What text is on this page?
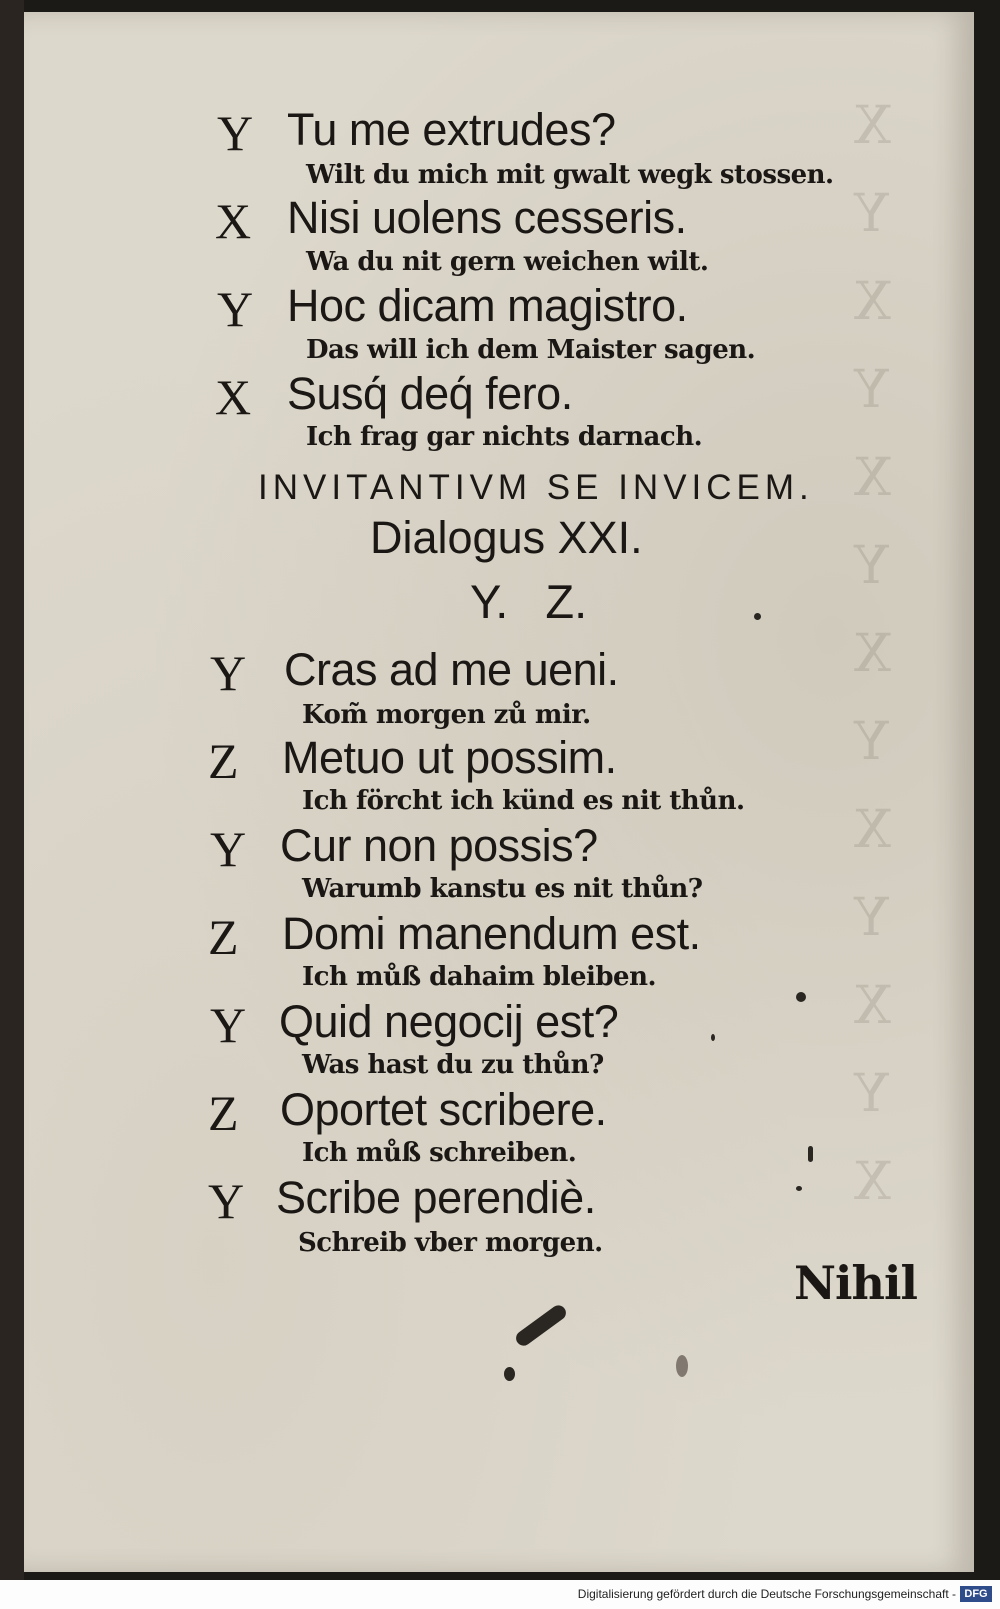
X
Y
X
Y
X
Y
X
Y
X
Y
X
Y
X
Y Tu me extrudes?
Wilt du mich mit gwalt wegk stossen.
X Nisi uolens cesseris.
Wa du nit gern weichen wilt.
Y Hoc dicam magistro.
Das will ich dem Maister sagen.
X Susq́ deq́ fero.
Ich frag gar nichts darnach.
INVITANTIVM SE INVICEM.
Dialogus XXI.
Y. Z.
Y Cras ad me ueni.
Kom̃ morgen zů mir.
Z Metuo ut possim.
Ich förcht ich künd es nit thůn.
Y Cur non possis?
Warumb kanstu es nit thůn?
Z Domi manendum est.
Ich můß dahaim bleiben.
Y Quid negocij est?
Was hast du zu thůn?
Z Oportet scribere.
Ich můß schreiben.
Y Scribe perendiè.
Schreib vber morgen.
Nihil
Digitalisierung gefördert durch die Deutsche Forschungsgemeinschaft - DFG
